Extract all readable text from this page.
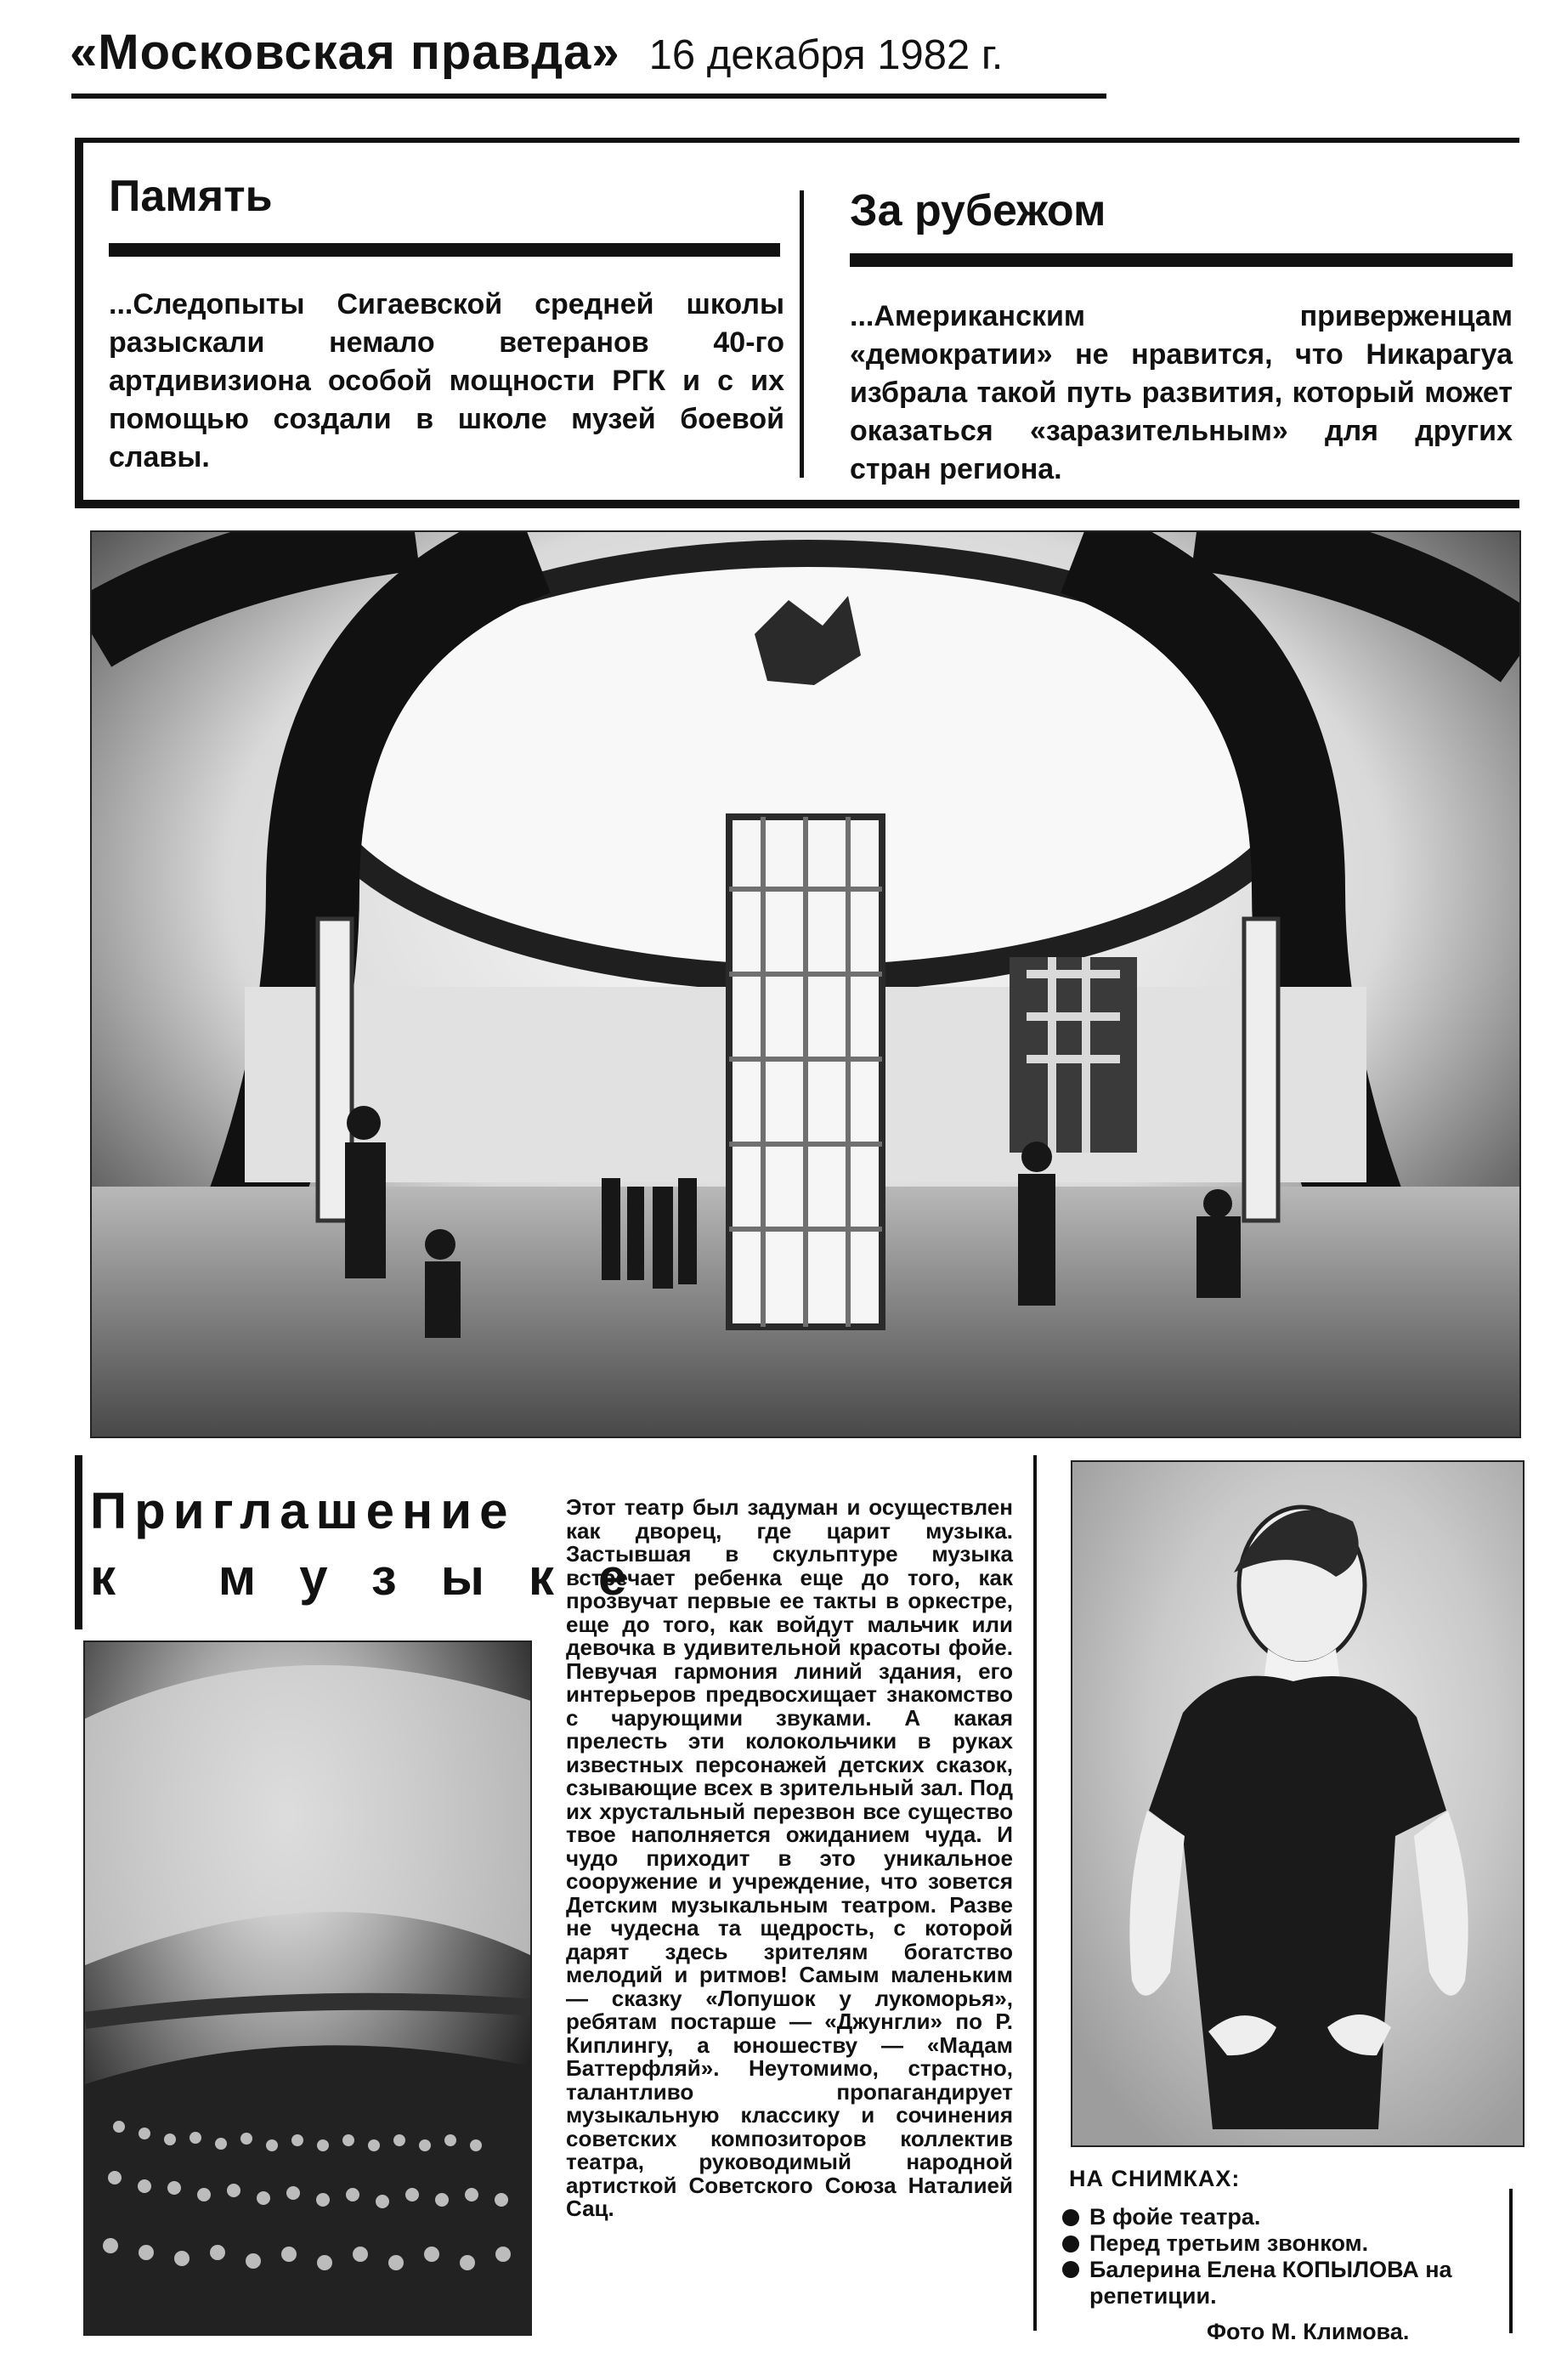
«Московская правда» 16 декабря 1982 г.
Память
...Следопыты Сигаевской средней школы разыскали немало ветеранов 40-го артдивизиона особой мощности РГК и с их помощью создали в школе музей боевой славы.
За рубежом
...Американским приверженцам «демократии» не нравится, что Никарагуа избрала такой путь развития, который может оказаться «заразительным» для других стран региона.
Приглашение
к музыке
Этот театр был задуман и осуществлен как дворец, где царит музыка. Застывшая в скульптуре музыка встречает ребенка еще до того, как прозвучат первые ее такты в оркестре, еще до того, как войдут мальчик или девочка в удивительной красоты фойе. Певучая гармония линий здания, его интерьеров предвосхищает знакомство с чарующими звуками. А какая прелесть эти колокольчики в руках известных персонажей детских сказок, сзывающие всех в зрительный зал. Под их хрустальный перезвон все существо твое наполняется ожиданием чуда. И чудо приходит в это уникальное сооружение и учреждение, что зовется Детским музыкальным театром. Разве не чудесна та щедрость, с которой дарят здесь зрителям богатство мелодий и ритмов! Самым маленьким — сказку «Лопушок у лукоморья», ребятам постарше — «Джунгли» по Р. Киплингу, а юношеству — «Мадам Баттерфляй». Неутомимо, страстно, талантливо пропагандирует музыкальную классику и сочинения советских композиторов коллектив театра, руководимый народной артисткой Советского Союза Наталией Сац.
НА СНИМКАХ:
В фойе театра.
Перед третьим звонком.
Балерина Елена КОПЫЛОВА на репетиции.
Фото М. Климова.
